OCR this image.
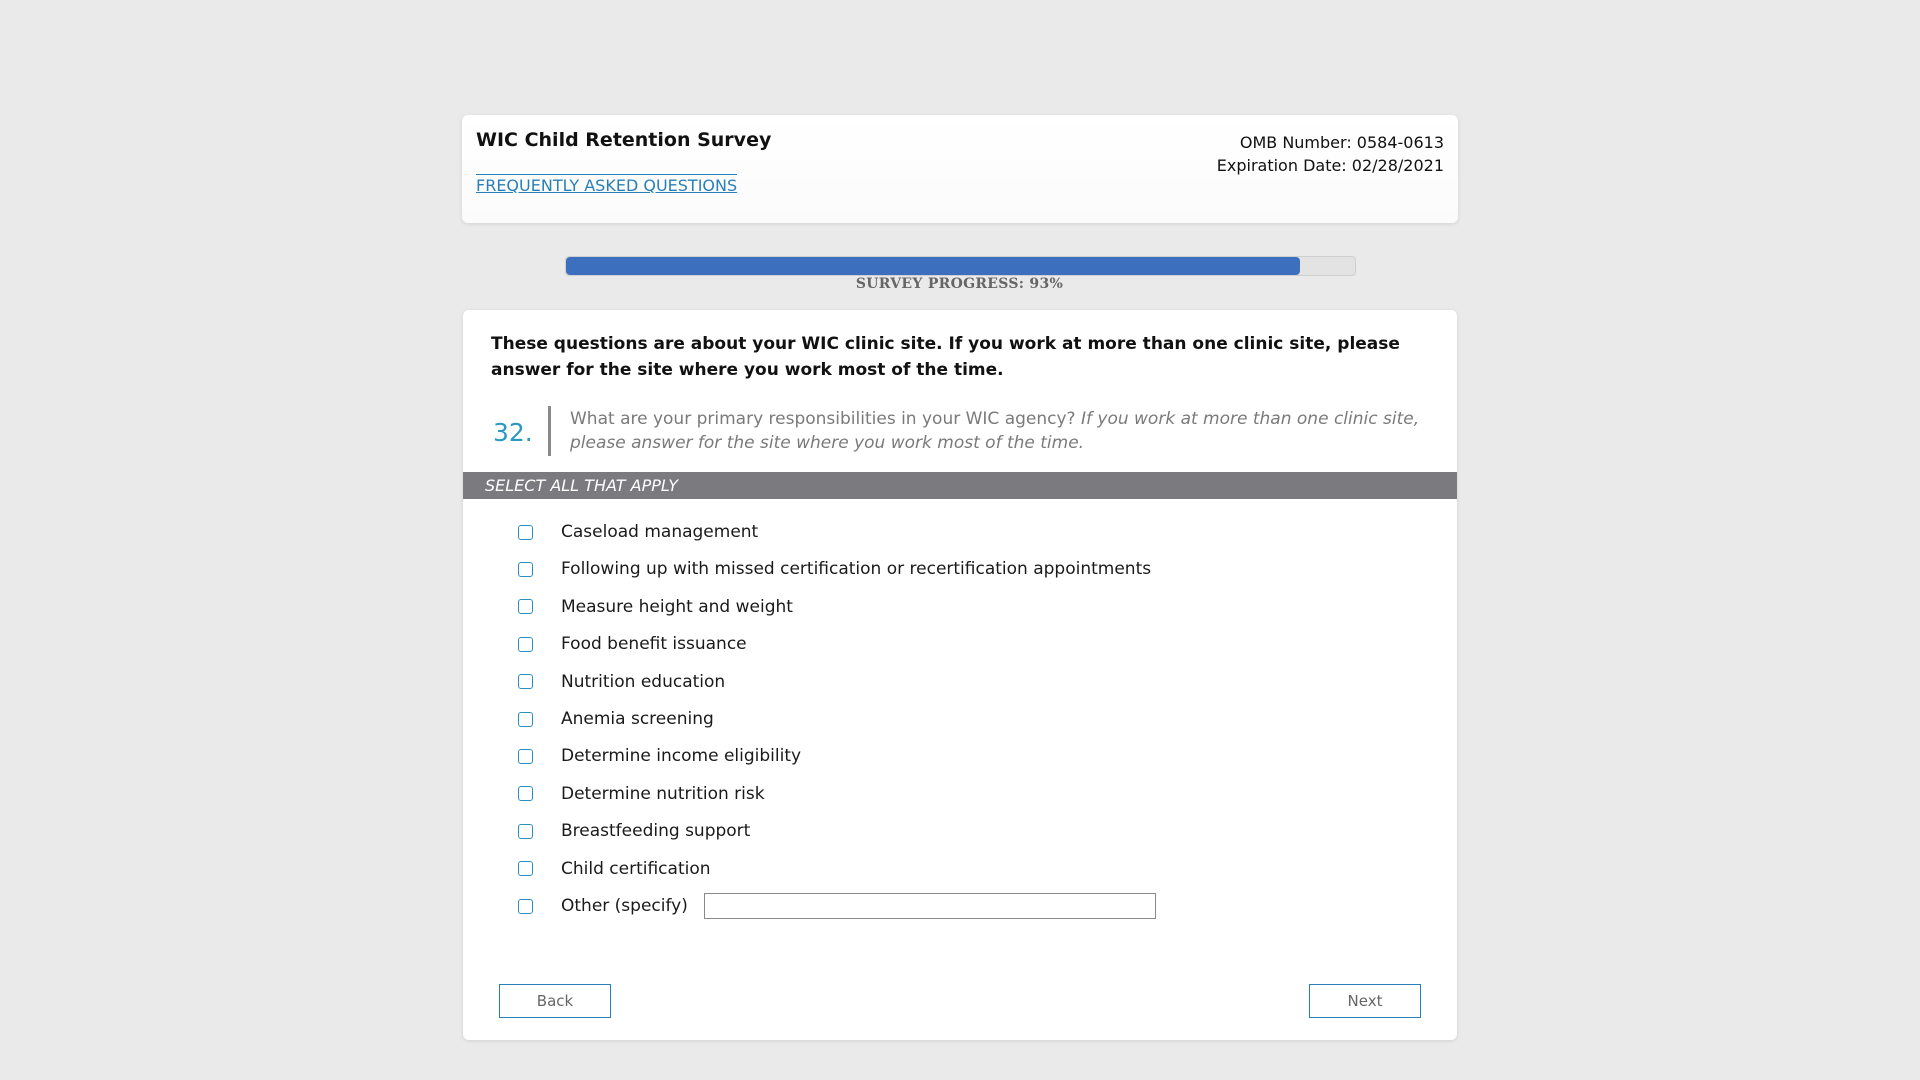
WIC Child Retention Survey
FREQUENTLY ASKED QUESTIONS
OMB Number: 0584-0613
Expiration Date: 02/28/2021
SURVEY PROGRESS: 93%
These questions are about your WIC clinic site. If you work at more than one clinic site, please answer for the site where you work most of the time.
32. What are your primary responsibilities in your WIC agency? If you work at more than one clinic site, please answer for the site where you work most of the time.
SELECT ALL THAT APPLY
Caseload management
Following up with missed certification or recertification appointments
Measure height and weight
Food benefit issuance
Nutrition education
Anemia screening
Determine income eligibility
Determine nutrition risk
Breastfeeding support
Child certification
Other (specify)
Back	Next
